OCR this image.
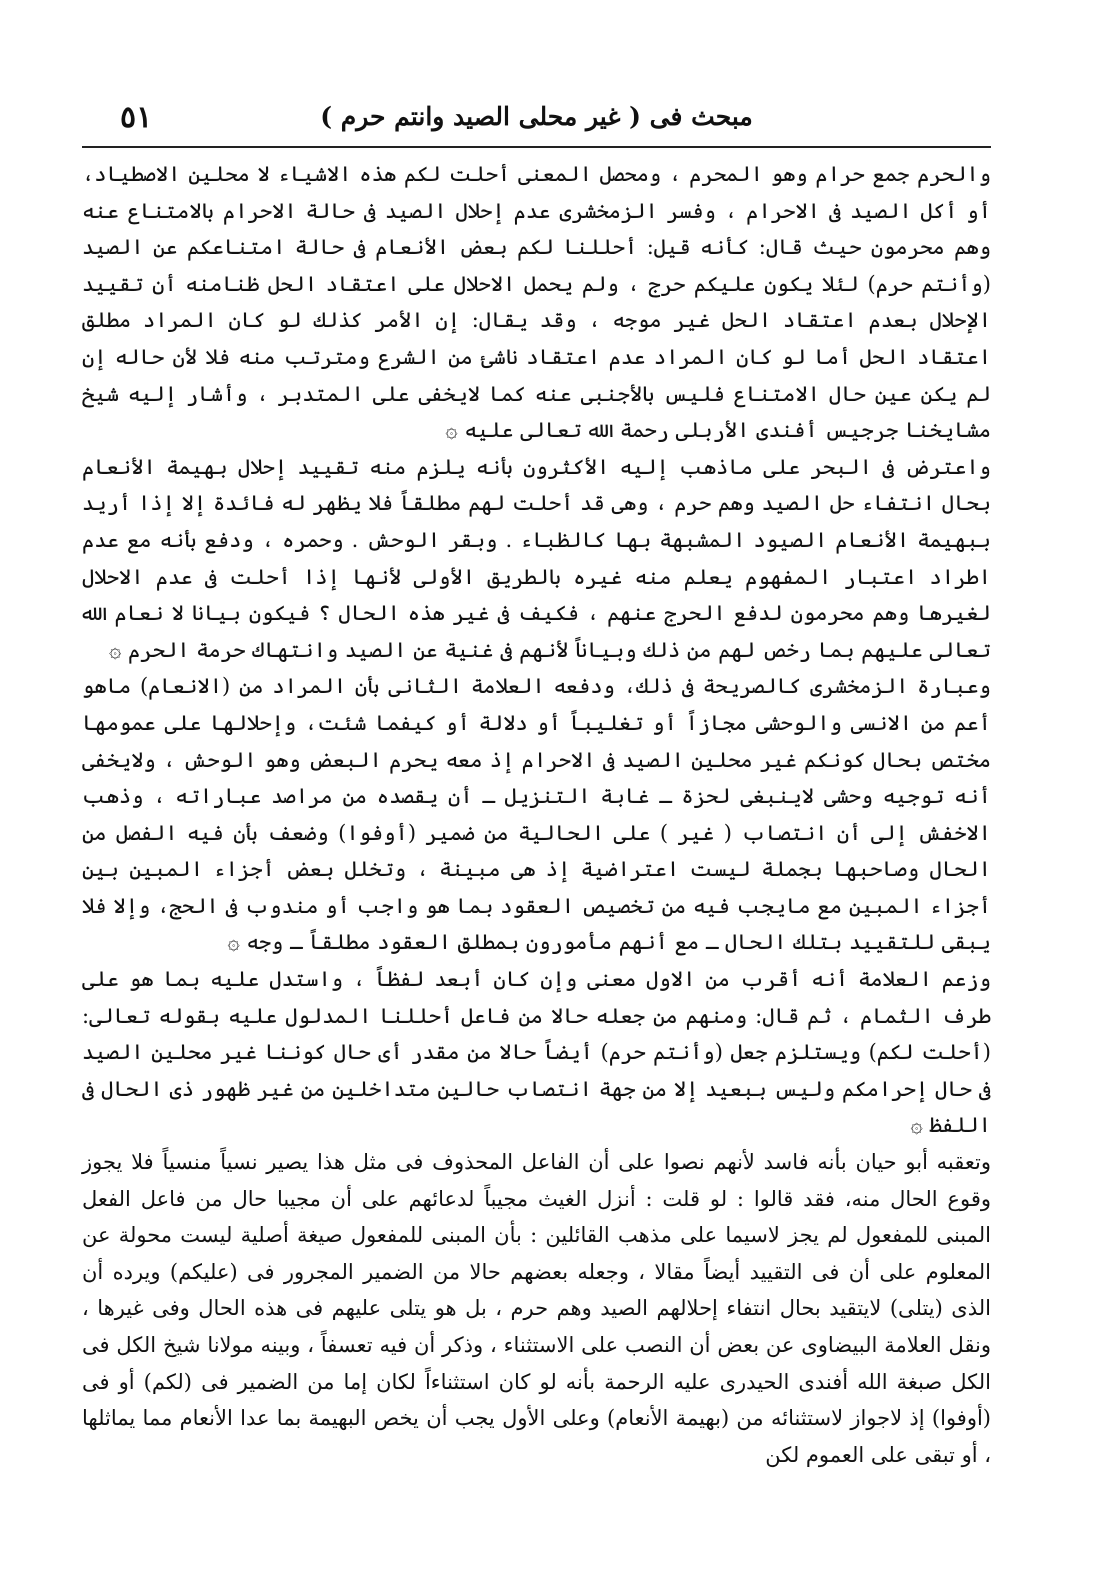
٥١	مبحث فى ( غير محلى الصيد وانتم حرم )

والحرم جمع حرام وهو المحرم ، ومحصل المعنى أحلت لكم هذه الاشياء لا محلين الاصطياد، أو أكل الصيد فى الاحرام ، وفسر الزمخشرى عدم إحلال الصيد فى حالة الاحرام بالامتناع عنه وهم محرمون حيث قال: كأنه قيل: أحللنا لكم بعض الأنعام فى حالة امتناعكم عن الصيد (وأنتم حرم) لئلا يكون عليكم حرج ، ولم يحمل الاحلال على اعتقاد الحل ظنامنه أن تقييد الإحلال بعدم اعتقاد الحل غير موجه ، وقد يقال: إن الأمر كذلك لو كان المراد مطلق اعتقاد الحل أما لو كان المراد عدم اعتقاد ناشئ من الشرع ومترتب منه فلا لأن حاله إن لم يكن عين حال الامتناع فليس بالأجنبى عنه كما لايخفى على المتدبر ، وأشار إليه شيخ مشايخنا جرجيس أفندى الأربلى رحمة الله تعالى عليه ۞

واعترض فى البحر على ماذهب إليه الأكثرون بأنه يلزم منه تقييد إحلال بهيمة الأنعام بحال انتفاء حل الصيد وهم حرم ، وهى قد أحلت لهم مطلقاً فلا يظهر له فائدة إلا إذا أريد ببهيمة الأنعام الصيود المشبهة بها كالظباء . وبقر الوحش . وحمره ، ودفع بأنه مع عدم اطراد اعتبار المفهوم يعلم منه غيره بالطريق الأولى لأنها إذا أحلت فى عدم الاحلال لغيرها وهم محرمون لدفع الحرج عنهم ، فكيف فى غير هذه الحال ؟ فيكون بيانا لا نعام الله تعالى عليهم بما رخص لهم من ذلك وبياناً لأنهم فى غنية عن الصيد وانتهاك حرمة الحرم ۞

وعبارة الزمخشرى كالصريحة فى ذلك، ودفعه العلامة الثانى بأن المراد من (الانعام) ماهو أعم من الانسى والوحشى مجازاً أو تغليباً أو دلالة أو كيفما شئت، وإحلالها على عمومها مختص بحال كونكم غير محلين الصيد فى الاحرام إذ معه يحرم البعض وهو الوحش ، ولايخفى أنه توجيه وحشى لاينبغى لحزة ـ غابة التنزيل ـ أن يقصده من مراصد عباراته ، وذهب الاخفش إلى أن انتصاب ( غير ) على الحالية من ضمير (أوفوا) وضعف بأن فيه الفصل من الحال وصاحبها بجملة ليست اعتراضية إذ هى مبينة ، وتخلل بعض أجزاء المبين بين أجزاء المبين مع مايجب فيه من تخصيص العقود بما هو واجب أو مندوب فى الحج، وإلا فلا يبقى للتقييد بتلك الحال ـ مع أنهم مأمورون بمطلق العقود مطلقاً ـ وجه ۞

وزعم العلامة أنه أقرب من الاول معنى وإن كان أبعد لفظاً ، واستدل عليه بما هو على طرف الثمام ، ثم قال: ومنهم من جعله حالا من فاعل أحللنا المدلول عليه بقوله تعالى: (أحلت لكم) ويستلزم جعل (وأنتم حرم) أيضاً حالا من مقدر أى حال كوننا غير محلين الصيد فى حال إحرامكم وليس ببعيد إلا من جهة انتصاب حالين متداخلين من غير ظهور ذى الحال فى اللفظ ۞

وتعقبه أبو حيان بأنه فاسد لأنهم نصوا على أن الفاعل المحذوف فى مثل هذا يصير نسياً منسياً فلا يجوز وقوع الحال منه، فقد قالوا : لو قلت : أنزل الغيث مجيباً لدعائهم على أن مجيبا حال من فاعل الفعل المبنى للمفعول لم يجز لاسيما على مذهب القائلين : بأن المبنى للمفعول صيغة أصلية ليست محولة عن المعلوم على أن فى التقييد أيضاً مقالا ، وجعله بعضهم حالا من الضمير المجرور فى (عليكم) ويرده أن الذى (يتلى) لايتقيد بحال انتفاء إحلالهم الصيد وهم حرم ، بل هو يتلى عليهم فى هذه الحال وفى غيرها ، ونقل العلامة البيضاوى عن بعض أن النصب على الاستثناء ، وذكر أن فيه تعسفاً ، وبينه مولانا شيخ الكل فى الكل صبغة الله أفندى الحيدرى عليه الرحمة بأنه لو كان استثناءاً لكان إما من الضمير فى (لكم) أو فى (أوفوا) إذ لاجواز لاستثنائه من (بهيمة الأنعام) وعلى الأول يجب أن يخص البهيمة بما عدا الأنعام مما يماثلها ، أو تبقى على العموم لكن
